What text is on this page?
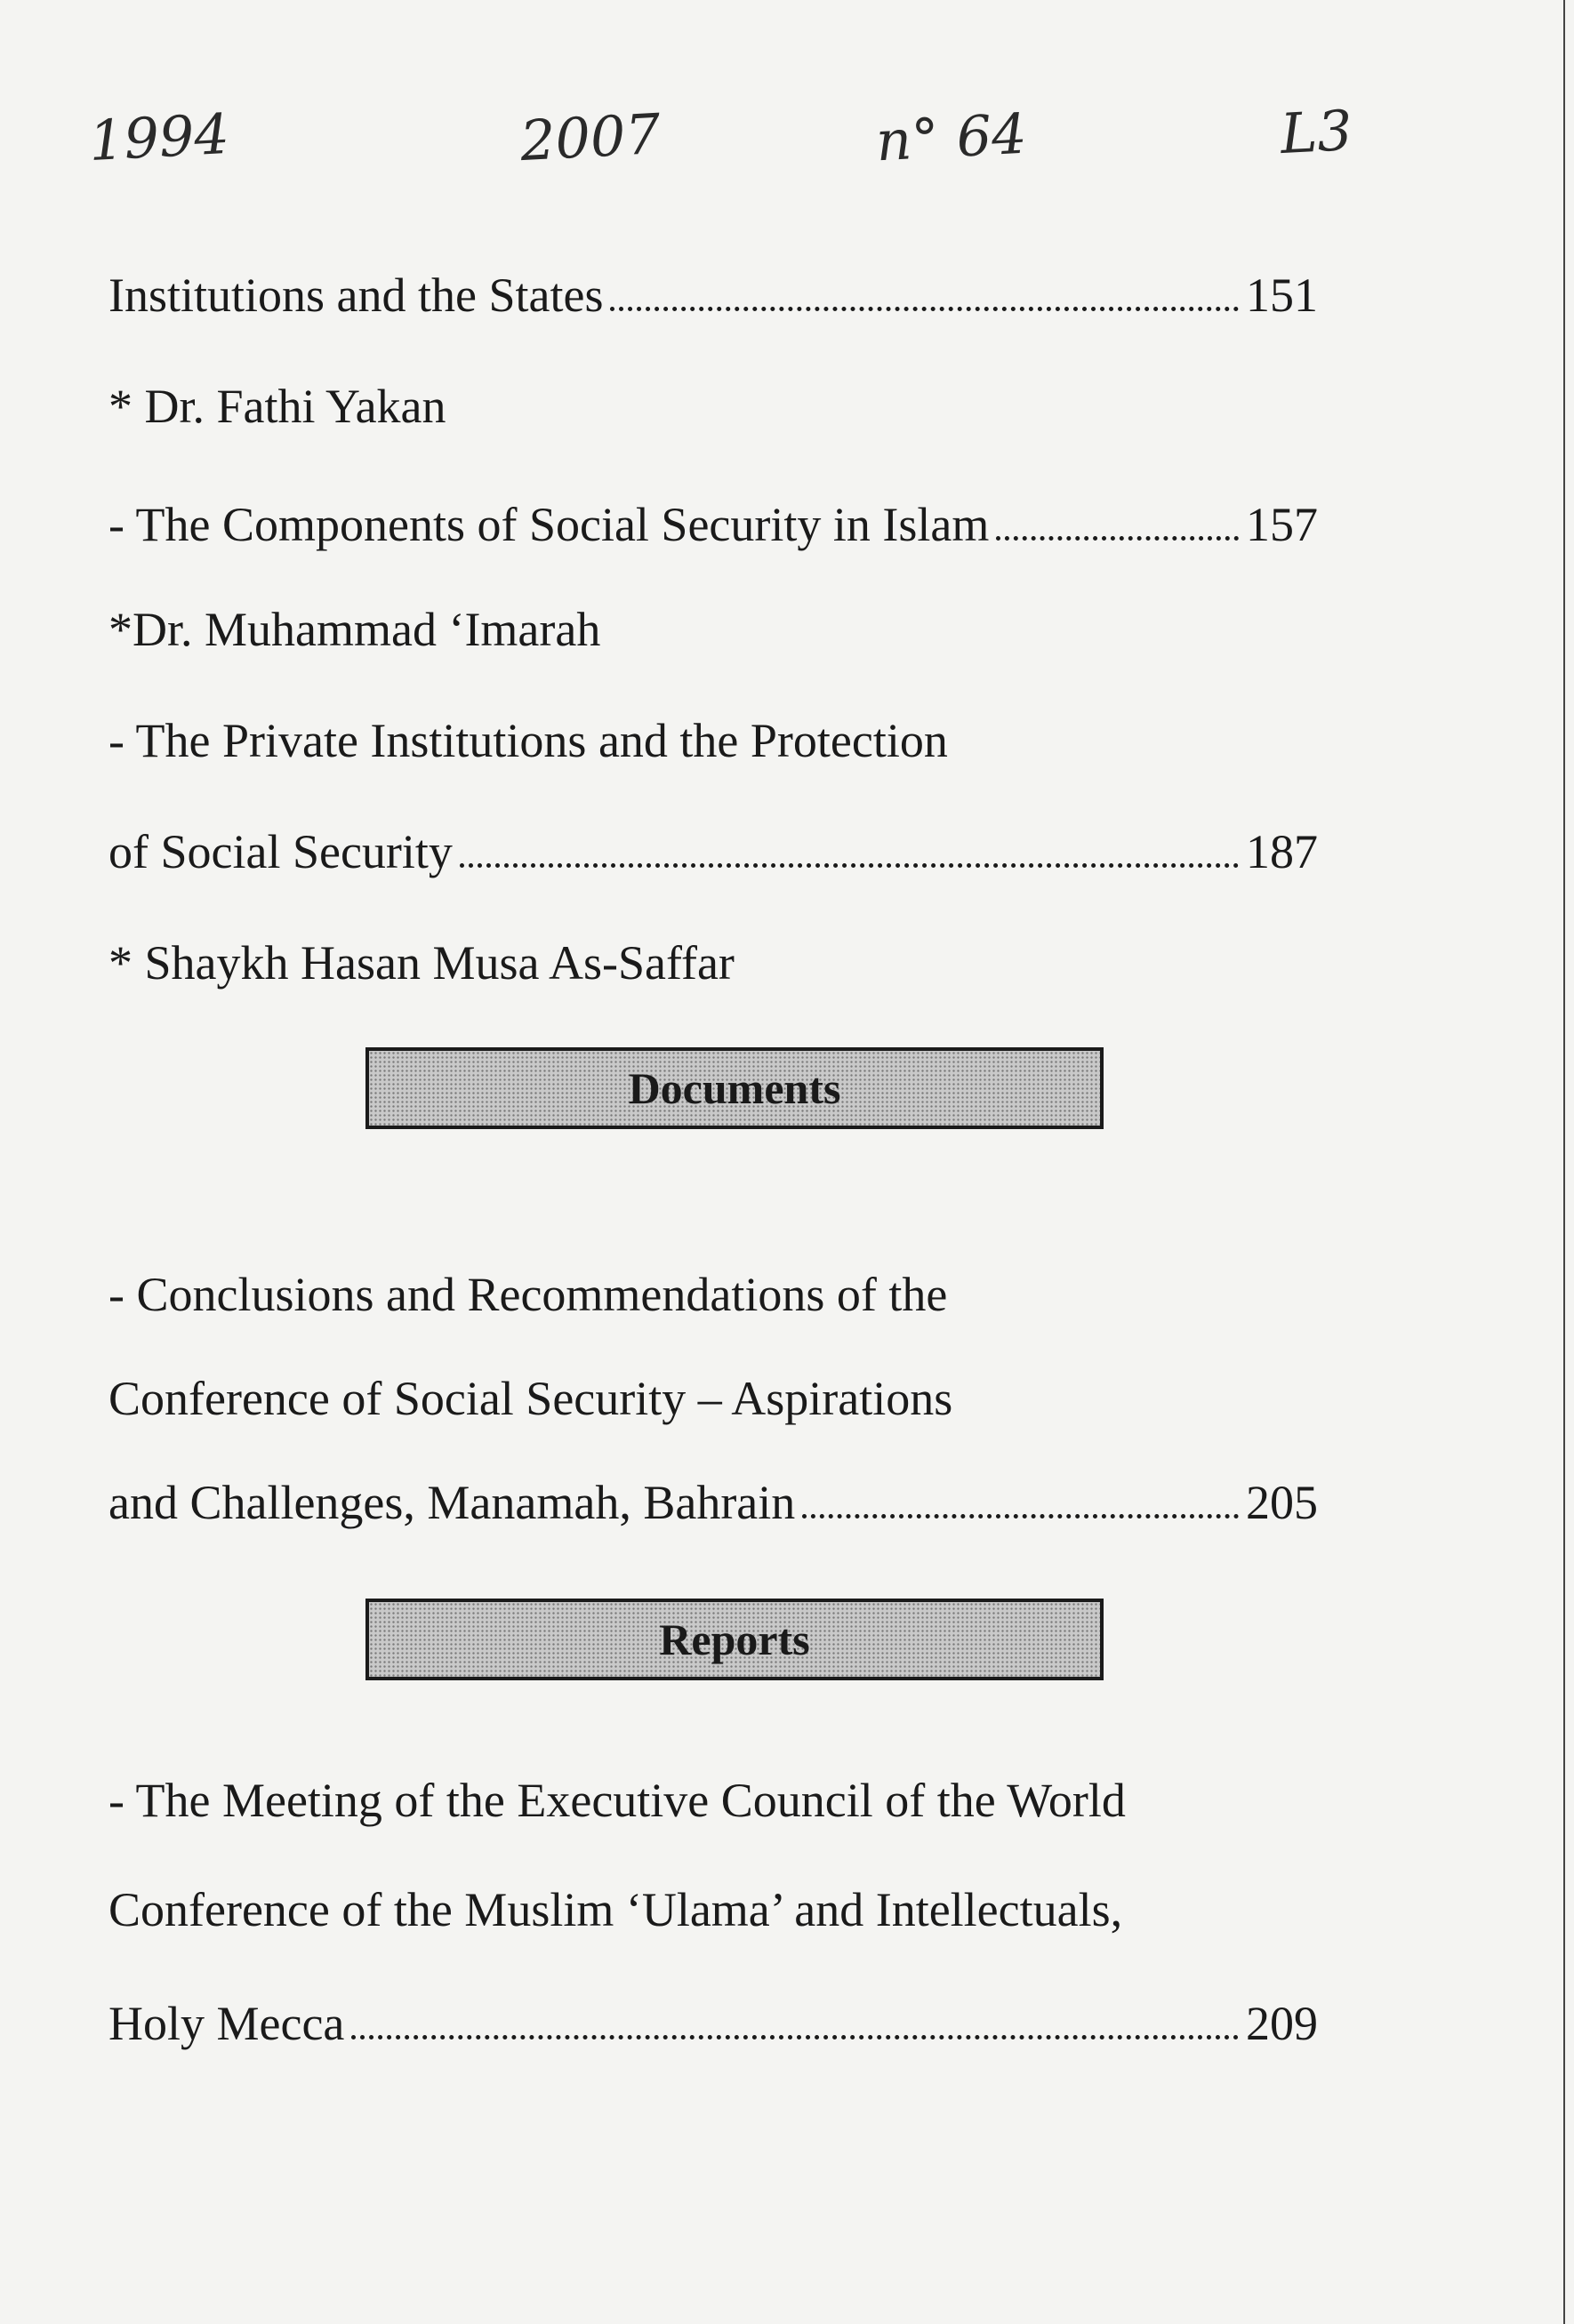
1994	2007	n° 64	L3
Institutions and the States	151
* Dr. Fathi Yakan
- The Components of Social Security in Islam	157
*Dr. Muhammad ‘Imarah
- The Private Institutions and the Protection
of Social Security	187
* Shaykh Hasan Musa As-Saffar
Documents
- Conclusions and Recommendations of the
Conference of Social Security – Aspirations
and Challenges, Manamah, Bahrain	205
Reports
- The Meeting of the Executive Council of the World
Conference of the Muslim ‘Ulama’ and Intellectuals,
Holy Mecca	209
